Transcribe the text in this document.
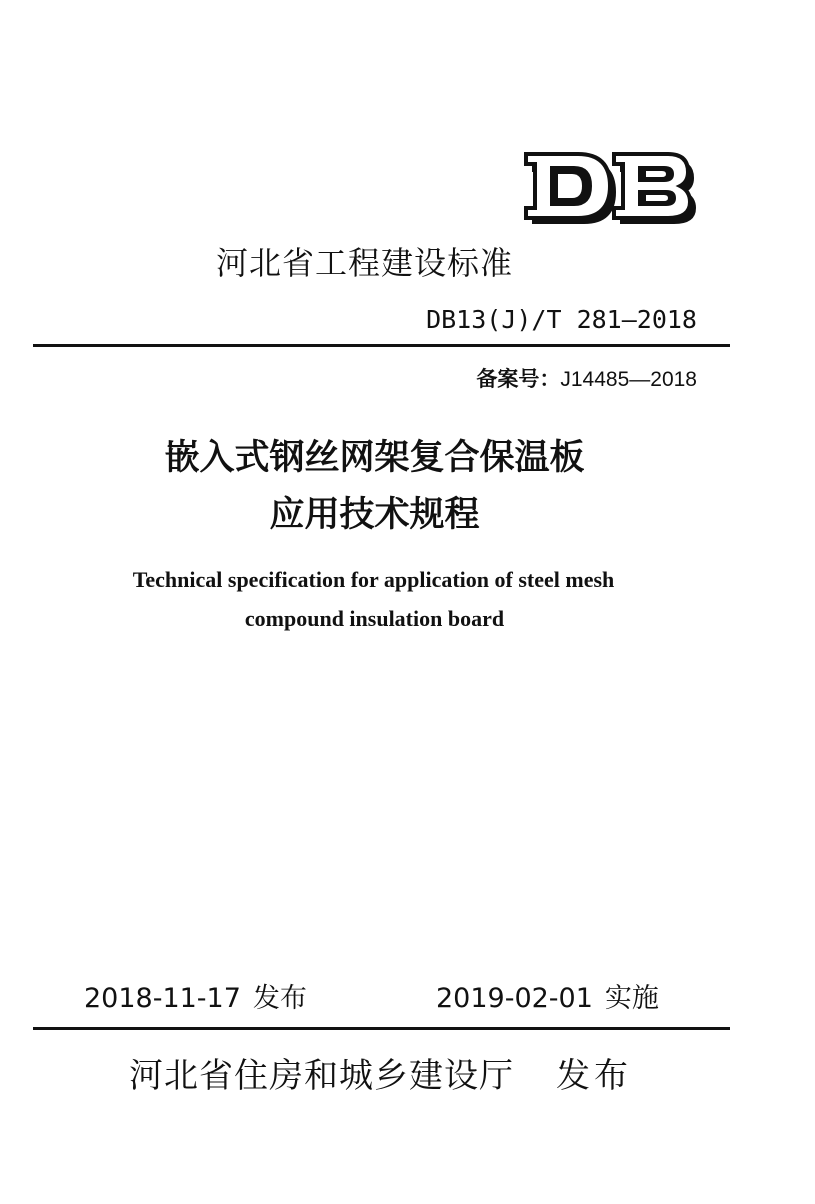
河北省工程建设标准
DB13(J)/T 281—2018
备案号：J14485—2018
嵌入式钢丝网架复合保温板
应用技术规程
Technical specification for application of steel mesh
compound insulation board
2018-11-17 发布	2019-02-01 实施
河北省住房和城乡建设厅 发布
